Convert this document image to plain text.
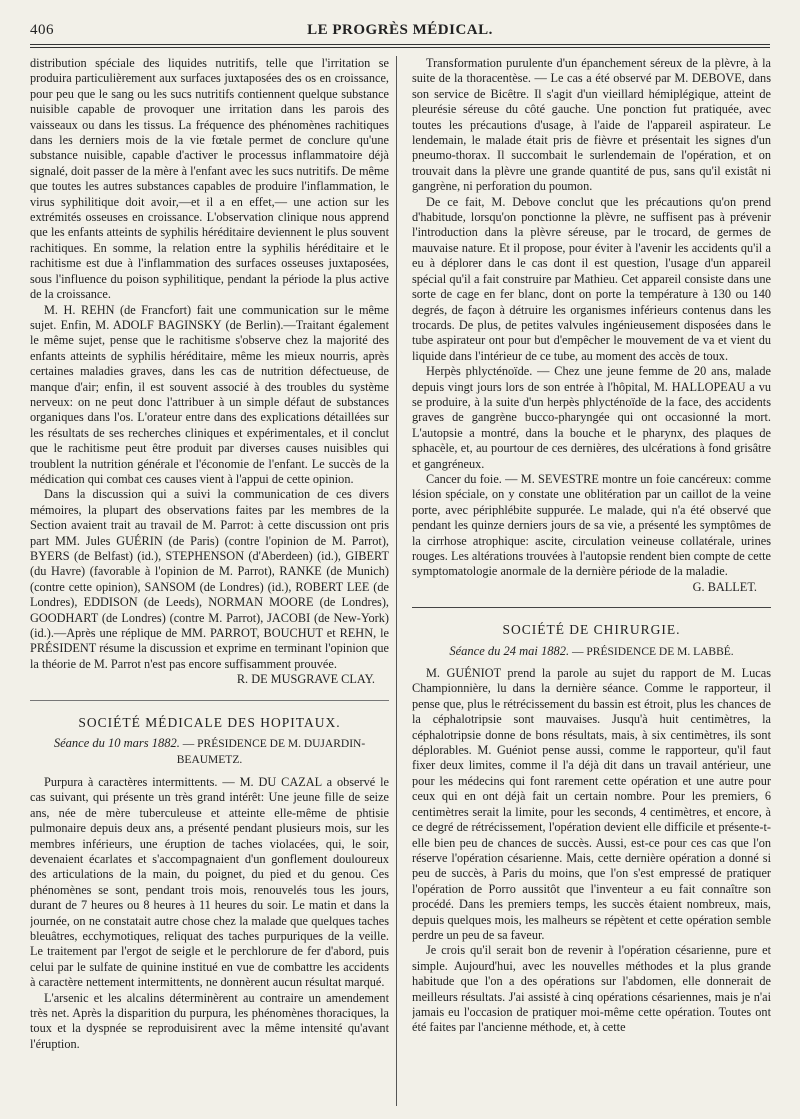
406	LE PROGRÈS MÉDICAL.

distribution spéciale des liquides nutritifs, telle que l'irritation se produira particulièrement aux surfaces juxtaposées des os en croissance, pour peu que le sang ou les sucs nutritifs contiennent quelque substance nuisible capable de provoquer une irritation dans les parois des vaisseaux ou dans les tissus. La fréquence des phénomènes rachitiques dans les derniers mois de la vie fœtale permet de conclure qu'une substance nuisible, capable d'activer le processus inflammatoire déjà signalé, doit passer de la mère à l'enfant avec les sucs nutritifs. De même que toutes les autres substances capables de produire l'inflammation, le virus syphilitique doit avoir,—et il a en effet,— une action sur les extrémités osseuses en croissance. L'observation clinique nous apprend que les enfants atteints de syphilis héréditaire deviennent le plus souvent rachitiques. En somme, la relation entre la syphilis héréditaire et le rachitisme est due à l'inflammation des surfaces osseuses juxtaposées, sous l'influence du poison syphilitique, pendant la période la plus active de la croissance.

M. H. REHN (de Francfort) fait une communication sur le même sujet. Enfin, M. ADOLF BAGINSKY (de Berlin).—Traitant également le même sujet, pense que le rachitisme s'observe chez la majorité des enfants atteints de syphilis héréditaire, même les mieux nourris, après certaines maladies graves, dans les cas de nutrition défectueuse, de manque d'air; enfin, il est souvent associé à des troubles du système nerveux: on ne peut donc l'attribuer à un simple défaut de substances organiques dans l'os. L'orateur entre dans des explications détaillées sur les résultats de ses recherches cliniques et expérimentales, et il conclut que le rachitisme peut être produit par diverses causes nuisibles qui troublent la nutrition générale et l'économie de l'enfant. Le succès de la médication qui combat ces causes vient à l'appui de cette opinion.

Dans la discussion qui a suivi la communication de ces divers mémoires, la plupart des observations faites par les membres de la Section avaient trait au travail de M. Parrot: à cette discussion ont pris part MM. Jules GUÉRIN (de Paris) (contre l'opinion de M. Parrot), BYERS (de Belfast) (id.), STEPHENSON (d'Aberdeen) (id.), GIBERT (du Havre) (favorable à l'opinion de M. Parrot), RANKE (de Munich) (contre cette opinion), SANSOM (de Londres) (id.), ROBERT LEE (de Londres), EDDISON (de Leeds), NORMAN MOORE (de Londres), GOODHART (de Londres) (contre M. Parrot), JACOBI (de New-York) (id.).—Après une réplique de MM. PARROT, BOUCHUT et REHN, le PRÉSIDENT résume la discussion et exprime en terminant l'opinion que la théorie de M. Parrot n'est pas encore suffisamment prouvée.

R. DE MUSGRAVE CLAY.
SOCIÉTÉ MÉDICALE DES HOPITAUX.
Séance du 10 mars 1882. — PRÉSIDENCE DE M. DUJARDIN-BEAUMETZ.

Purpura à caractères intermittents. — M. DU CAZAL a observé le cas suivant, qui présente un très grand intérêt: Une jeune fille de seize ans, née de mère tuberculeuse et atteinte elle-même de phtisie pulmonaire depuis deux ans, a présenté pendant plusieurs mois, sur les membres inférieurs, une éruption de taches violacées, qui, le soir, devenaient écarlates et s'accompagnaient d'un gonflement douloureux des articulations de la main, du poignet, du pied et du genou. Ces phénomènes se sont, pendant trois mois, renouvelés tous les jours, durant de 7 heures ou 8 heures à 11 heures du soir. Le matin et dans la journée, on ne constatait autre chose chez la malade que quelques taches bleuâtres, ecchymotiques, reliquat des taches purpuriques de la veille. Le traitement par l'ergot de seigle et le perchlorure de fer d'abord, puis celui par le sulfate de quinine institué en vue de combattre les accidents à caractère nettement intermittents, ne donnèrent aucun résultat marqué.

L'arsenic et les alcalins déterminèrent au contraire un amendement très net. Après la disparition du purpura, les phénomènes thoraciques, la toux et la dyspnée se reproduisirent avec la même intensité qu'avant l'éruption.

Transformation purulente d'un épanchement séreux de la plèvre, à la suite de la thoracentèse. — Le cas a été observé par M. DEBOVE, dans son service de Bicêtre. Il s'agit d'un vieillard hémiplégique, atteint de pleurésie séreuse du côté gauche. Une ponction fut pratiquée, avec toutes les précautions d'usage, à l'aide de l'appareil aspirateur. Le lendemain, le malade était pris de fièvre et présentait les signes d'un pneumo-thorax. Il succombait le surlendemain de l'opération, et on trouvait dans la plèvre une grande quantité de pus, sans qu'il existât ni gangrène, ni perforation du poumon.

De ce fait, M. Debove conclut que les précautions qu'on prend d'habitude, lorsqu'on ponctionne la plèvre, ne suffisent pas à prévenir l'introduction dans la plèvre séreuse, par le trocard, de germes de mauvaise nature. Et il propose, pour éviter à l'avenir les accidents qu'il a eu à déplorer dans le cas dont il est question, l'usage d'un appareil spécial qu'il a fait construire par Mathieu. Cet appareil consiste dans une sorte de cage en fer blanc, dont on porte la température à 130 ou 140 degrés, de façon à détruire les organismes inférieurs contenus dans les trocards. De plus, de petites valvules ingénieusement disposées dans le tube aspirateur ont pour but d'empêcher le mouvement de va et vient du liquide dans l'intérieur de ce tube, au moment des accès de toux.

Herpès phlycténoïde. — Chez une jeune femme de 20 ans, malade depuis vingt jours lors de son entrée à l'hôpital, M. HALLOPEAU a vu se produire, à la suite d'un herpès phlycténoïde de la face, des accidents graves de gangrène bucco-pharyngée qui ont occasionné la mort. L'autopsie a montré, dans la bouche et le pharynx, des plaques de sphacèle, et, au pourtour de ces dernières, des ulcérations à fond grisâtre et gangréneux.

Cancer du foie. — M. SEVESTRE montre un foie cancéreux: comme lésion spéciale, on y constate une oblitération par un caillot de la veine porte, avec périphlébite suppurée. Le malade, qui n'a été observé que pendant les quinze derniers jours de sa vie, a présenté les symptômes de la cirrhose atrophique: ascite, circulation veineuse collatérale, urines rouges. Les altérations trouvées à l'autopsie rendent bien compte de cette symptomatologie anormale de la dernière période de la maladie.

G. BALLET.
SOCIÉTÉ DE CHIRURGIE.
Séance du 24 mai 1882. — PRÉSIDENCE DE M. LABBÉ.

M. GUÉNIOT prend la parole au sujet du rapport de M. Lucas Championnière, lu dans la dernière séance. Comme le rapporteur, il pense que, plus le rétrécissement du bassin est étroit, plus les chances de la céphalotripsie sont mauvaises. Jusqu'à huit centimètres, la céphalotripsie donne de bons résultats, mais, à six centimètres, ils sont déplorables. M. Guéniot pense aussi, comme le rapporteur, qu'il faut fixer deux limites, comme il l'a déjà dit dans un travail antérieur, une pour les médecins qui font rarement cette opération et une autre pour ceux qui en ont déjà fait un certain nombre. Pour les premiers, 6 centimètres serait la limite, pour les seconds, 4 centimètres, et encore, à ce degré de rétrécissement, l'opération devient elle difficile et présente-t-elle bien peu de chances de succès. Aussi, est-ce pour ces cas que l'on réserve l'opération césarienne. Mais, cette dernière opération a donné si peu de succès, à Paris du moins, que l'on s'est empressé de pratiquer l'opération de Porro aussitôt que l'inventeur a eu fait connaître son procédé. Dans les premiers temps, les succès étaient nombreux, mais, depuis quelques mois, les malheurs se répètent et cette opération semble perdre un peu de sa faveur.

Je crois qu'il serait bon de revenir à l'opération césarienne, pure et simple. Aujourd'hui, avec les nouvelles méthodes et la plus grande habitude que l'on a des opérations sur l'abdomen, elle donnerait de meilleurs résultats. J'ai assisté à cinq opérations césariennes, mais je n'ai jamais eu l'occasion de pratiquer moi-même cette opération. Toutes ont été faites par l'ancienne méthode, et, à cette
